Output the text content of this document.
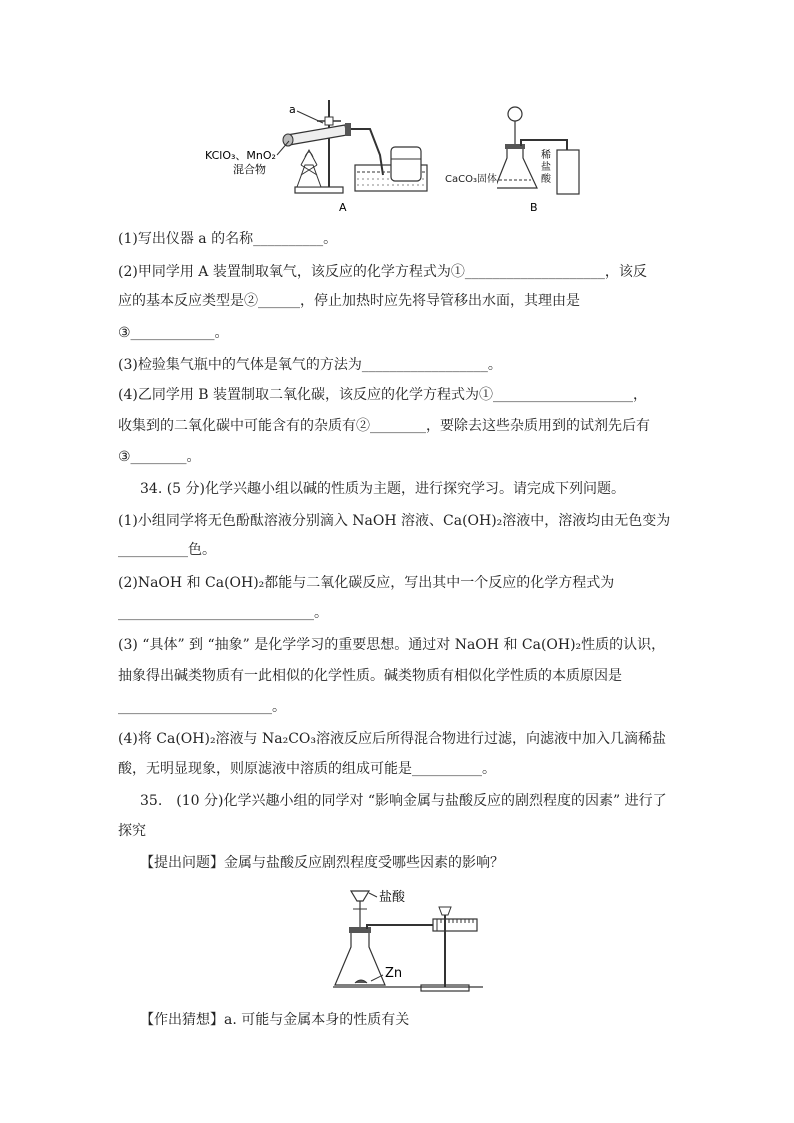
a
KClO₃、MnO₂
混合物
A
稀
盐
酸
B
CaCO₃固体
(1)写出仪器 a 的名称__________。
(2)甲同学用 A 装置制取氧气，该反应的化学方程式为①____________________，该反
应的基本反应类型是②______，停止加热时应先将导管移出水面，其理由是
③____________。
(3)检验集气瓶中的气体是氧气的方法为__________________。
(4)乙同学用 B 装置制取二氧化碳，该反应的化学方程式为①____________________，
收集到的二氧化碳中可能含有的杂质有②________，要除去这些杂质用到的试剂先后有
③________。
34. (5 分)化学兴趣小组以碱的性质为主题，进行探究学习。请完成下列问题。
(1)小组同学将无色酚酞溶液分别滴入 NaOH 溶液、Ca(OH)₂溶液中，溶液均由无色变为
__________色。
(2)NaOH 和 Ca(OH)₂都能与二氧化碳反应，写出其中一个反应的化学方程式为
____________________________。
(3) “具体” 到 “抽象” 是化学学习的重要思想。通过对 NaOH 和 Ca(OH)₂性质的认识，
抽象得出碱类物质有一此相似的化学性质。碱类物质有相似化学性质的本质原因是
______________________。
(4)将 Ca(OH)₂溶液与 Na₂CO₃溶液反应后所得混合物进行过滤，向滤液中加入几滴稀盐
酸，无明显现象，则原滤液中溶质的组成可能是__________。
35.　(10 分)化学兴趣小组的同学对 “影响金属与盐酸反应的剧烈程度的因素” 进行了
探究
【提出问题】金属与盐酸反应剧烈程度受哪些因素的影响？
盐酸
Zn
【作出猜想】a. 可能与金属本身的性质有关
